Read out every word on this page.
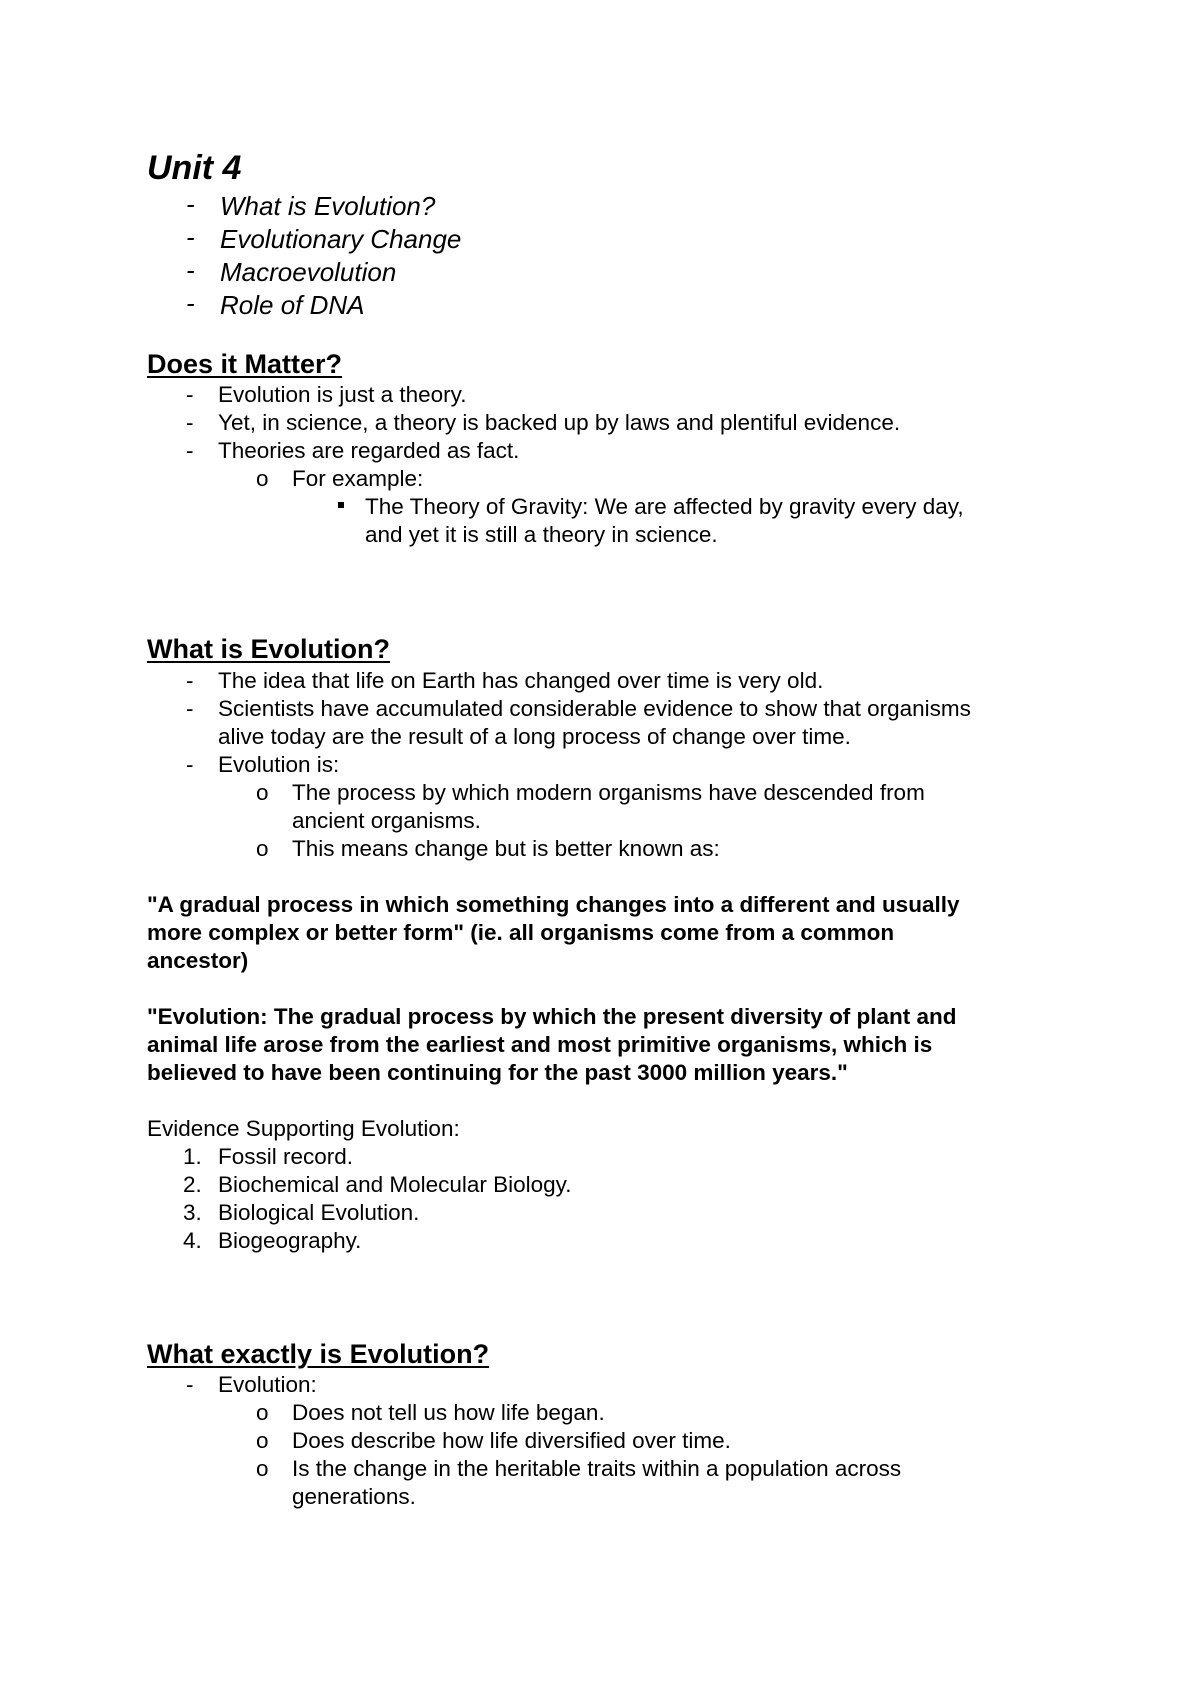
Unit 4
- What is Evolution?
- Evolutionary Change
- Macroevolution
- Role of DNA
Does it Matter?
- Evolution is just a theory.
- Yet, in science, a theory is backed up by laws and plentiful evidence.
- Theories are regarded as fact.
o For example:
The Theory of Gravity: We are affected by gravity every day,
and yet it is still a theory in science.
What is Evolution?
- The idea that life on Earth has changed over time is very old.
- Scientists have accumulated considerable evidence to show that organisms
alive today are the result of a long process of change over time.
- Evolution is:
o The process by which modern organisms have descended from
ancient organisms.
o This means change but is better known as:
"A gradual process in which something changes into a different and usually
more complex or better form" (ie. all organisms come from a common
ancestor)
"Evolution: The gradual process by which the present diversity of plant and
animal life arose from the earliest and most primitive organisms, which is
believed to have been continuing for the past 3000 million years."
Evidence Supporting Evolution:
1. Fossil record.
2. Biochemical and Molecular Biology.
3. Biological Evolution.
4. Biogeography.
What exactly is Evolution?
- Evolution:
o Does not tell us how life began.
o Does describe how life diversified over time.
o Is the change in the heritable traits within a population across
generations.
